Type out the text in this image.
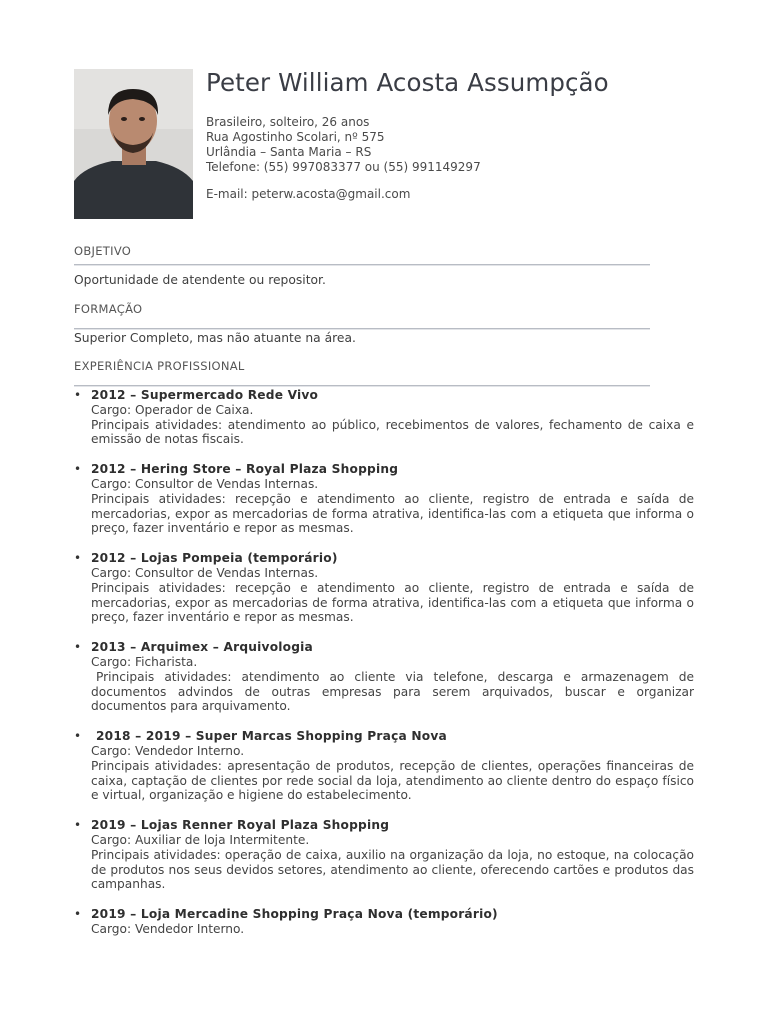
Peter William Acosta Assumpção
Brasileiro, solteiro, 26 anos
Rua Agostinho Scolari, nº 575
Urlândia – Santa Maria – RS
Telefone: (55) 997083377 ou (55) 991149297
E-mail: peterw.acosta@gmail.com
OBJETIVO
Oportunidade de atendente ou repositor.
FORMAÇÃO
Superior Completo, mas não atuante na área.
EXPERIÊNCIA PROFISSIONAL
• 2012 – Supermercado Rede Vivo
Cargo: Operador de Caixa.
Principais atividades: atendimento ao público, recebimentos de valores, fechamento de caixa e emissão de notas fiscais.
• 2012 – Hering Store – Royal Plaza Shopping
Cargo: Consultor de Vendas Internas.
Principais atividades: recepção e atendimento ao cliente, registro de entrada e saída de mercadorias, expor as mercadorias de forma atrativa, identifica-las com a etiqueta que informa o preço, fazer inventário e repor as mesmas.
• 2012 – Lojas Pompeia (temporário)
Cargo: Consultor de Vendas Internas.
Principais atividades: recepção e atendimento ao cliente, registro de entrada e saída de mercadorias, expor as mercadorias de forma atrativa, identifica-las com a etiqueta que informa o preço, fazer inventário e repor as mesmas.
• 2013 – Arquimex – Arquivologia
Cargo: Ficharista.
Principais atividades: atendimento ao cliente via telefone, descarga e armazenagem de documentos advindos de outras empresas para serem arquivados, buscar e organizar documentos para arquivamento.
•	2018 – 2019 – Super Marcas Shopping Praça Nova
Cargo: Vendedor Interno.
Principais atividades: apresentação de produtos, recepção de clientes, operações financeiras de caixa, captação de clientes por rede social da loja, atendimento ao cliente dentro do espaço físico e virtual, organização e higiene do estabelecimento.
• 2019 – Lojas Renner Royal Plaza Shopping
Cargo: Auxiliar de loja Intermitente.
Principais atividades: operação de caixa, auxilio na organização da loja, no estoque, na colocação de produtos nos seus devidos setores, atendimento ao cliente, oferecendo cartões e produtos das campanhas.
• 2019 – Loja Mercadine Shopping Praça Nova (temporário)
Cargo: Vendedor Interno.
